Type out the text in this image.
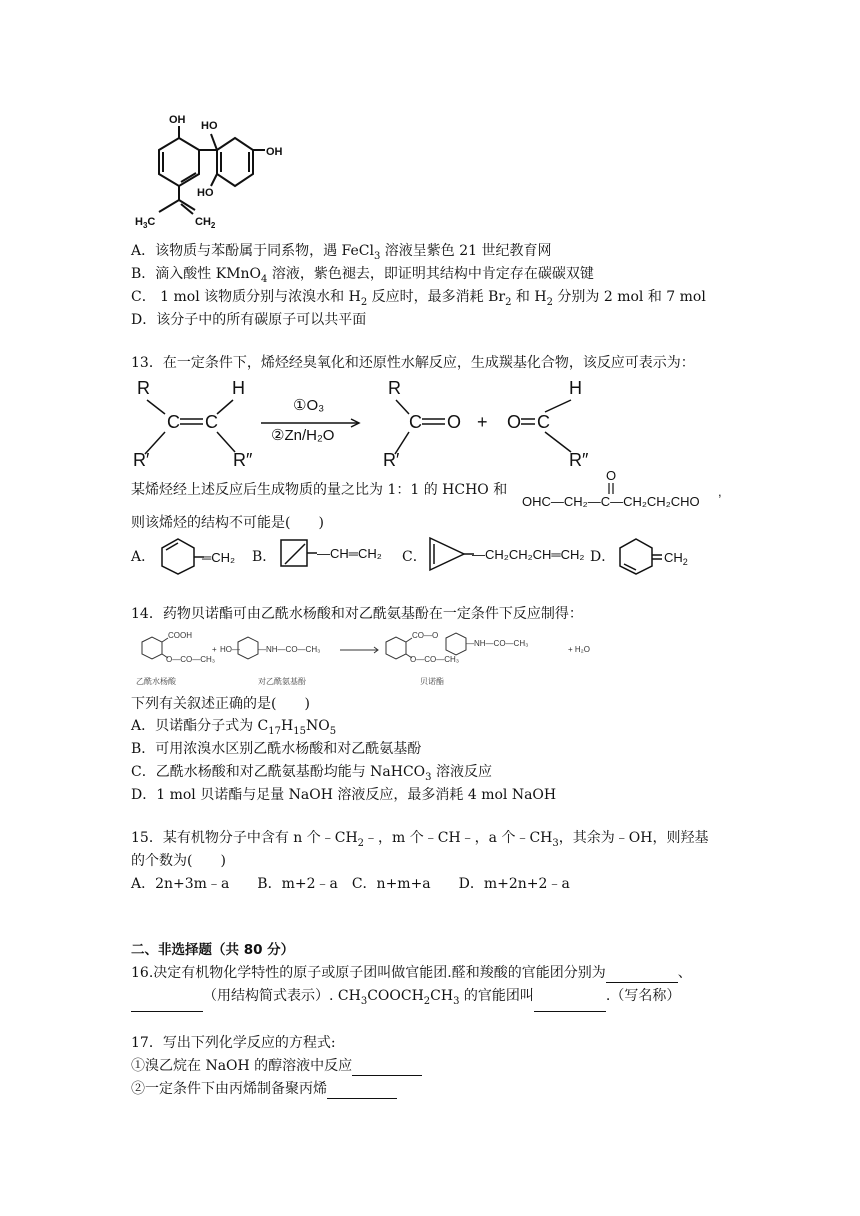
OH HO
OH
HO
$H_3C$	$CH_2$
A．该物质与苯酚属于同系物，遇 FeCl$_3$ 溶液呈紫色 21 世纪教育网
B．滴入酸性 KMnO$_4$ 溶液，紫色褪去，即证明其结构中肯定存在碳碳双键
C． 1 mol 该物质分别与浓溴水和 $H_2$ 反应时，最多消耗 $Br_2$ 和 $H_2$ 分别为 2 mol 和 7 mol
D．该分子中的所有碳原子可以共平面
13．在一定条件下，烯烃经臭氧化和还原性水解反应，生成羰基化合物，该反应可表示为：
R	H
C C
R′	R″
R
C O
R′
+ O C
H
R″
①O₃
②Zn/H₂O
某烯烃经上述反应后生成物质的量之比为 1：1 的 HCHO 和
O
OHC—CH₂—C—CH₂CH₂CHO
,
则该烯烃的结构不可能是(　　)
A．	═CH₂ B．	—CH═CH₂ C．	—CH₂CH₂CH═CH₂ D．	$CH_2$
14．药物贝诺酯可由乙酰水杨酸和对乙酰氨基酚在一定条件下反应制得：
COOH
O—CO—CH₃
+ HO— —NH—CO—CH₃
CO—O
—NH—CO—CH₃
O—CO—CH₃
+ H₂O
乙酰水杨酸	对乙酰氨基酚	贝诺酯
下列有关叙述正确的是(　　)
A．贝诺酯分子式为 $C_{17}H_{15}NO_5$
B．可用浓溴水区别乙酰水杨酸和对乙酰氨基酚
C．乙酰水杨酸和对乙酰氨基酚均能与 NaHCO$_3$ 溶液反应
D．1 mol 贝诺酯与足量 NaOH 溶液反应，最多消耗 4 mol NaOH
15．某有机物分子中含有 n 个$﹣CH_2﹣$，m 个﹣CH﹣，a 个$﹣CH_3$，其余为﹣OH，则羟基
的个数为(　　)
A．2n+3m﹣a　　B．m+2﹣a　C．n+m+a　　D．m+2n+2﹣a
二、非选择题（共 80 分）
16.决定有机物化学特性的原子或原子团叫做官能团.醛和羧酸的官能团分别为	、
（用结构简式表示）. $CH_3COOCH_2CH_3$ 的官能团叫	.（写名称）
17．写出下列化学反应的方程式:
①溴乙烷在 NaOH 的醇溶液中反应
②一定条件下由丙烯制备聚丙烯
